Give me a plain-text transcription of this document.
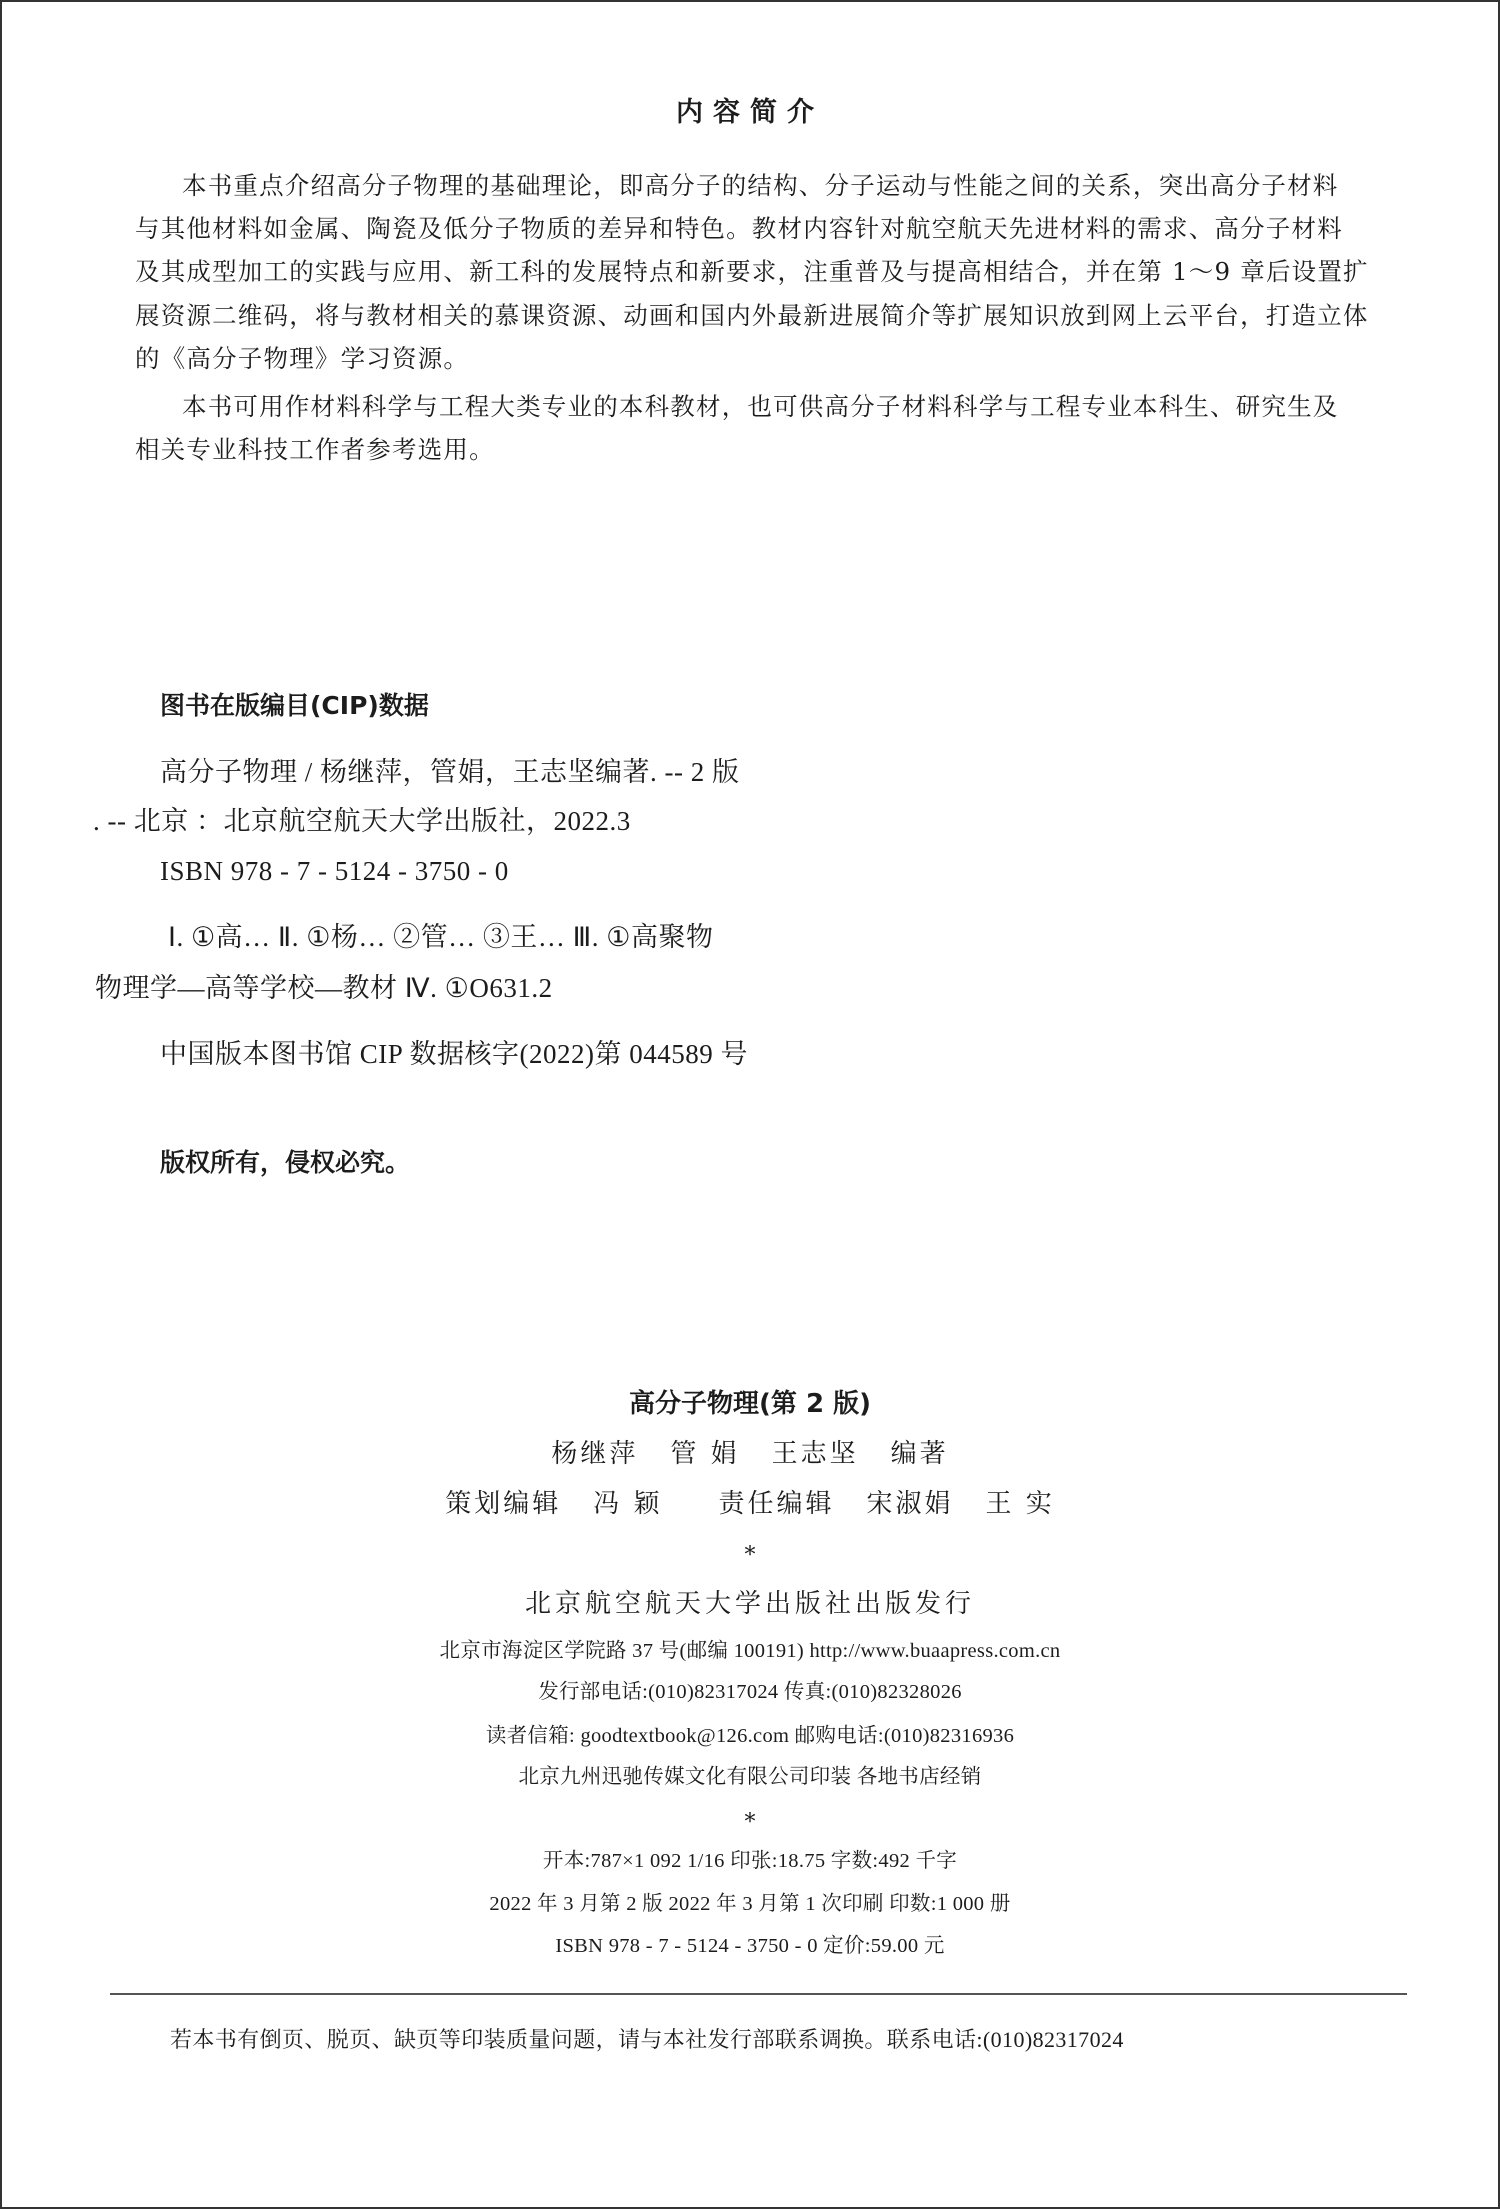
内容简介
本书重点介绍高分子物理的基础理论，即高分子的结构、分子运动与性能之间的关系，突出高分子材料
与其他材料如金属、陶瓷及低分子物质的差异和特色。教材内容针对航空航天先进材料的需求、高分子材料
及其成型加工的实践与应用、新工科的发展特点和新要求，注重普及与提高相结合，并在第 1～9 章后设置扩
展资源二维码，将与教材相关的慕课资源、动画和国内外最新进展简介等扩展知识放到网上云平台，打造立体
的《高分子物理》学习资源。
本书可用作材料科学与工程大类专业的本科教材，也可供高分子材料科学与工程专业本科生、研究生及
相关专业科技工作者参考选用。
图书在版编目(CIP)数据
高分子物理 / 杨继萍，管娟，王志坚编著. -- 2 版
. -- 北京 ：北京航空航天大学出版社，2022.3
ISBN 978 - 7 - 5124 - 3750 - 0
Ⅰ. ①高… Ⅱ. ①杨… ②管… ③王… Ⅲ. ①高聚物
物理学—高等学校—教材 Ⅳ. ①O631.2
中国版本图书馆 CIP 数据核字(2022)第 044589 号
版权所有，侵权必究。
高分子物理(第 2 版)
杨继萍 管 娟 王志坚 编著
策划编辑 冯 颖 责任编辑 宋淑娟 王 实
*
北京航空航天大学出版社出版发行
北京市海淀区学院路 37 号(邮编 100191) http://www.buaapress.com.cn
发行部电话:(010)82317024 传真:(010)82328026
读者信箱: goodtextbook@126.com 邮购电话:(010)82316936
北京九州迅驰传媒文化有限公司印装 各地书店经销
*
开本:787×1 092 1/16 印张:18.75 字数:492 千字
2022 年 3 月第 2 版 2022 年 3 月第 1 次印刷 印数:1 000 册
ISBN 978 - 7 - 5124 - 3750 - 0 定价:59.00 元
若本书有倒页、脱页、缺页等印装质量问题，请与本社发行部联系调换。联系电话:(010)82317024
